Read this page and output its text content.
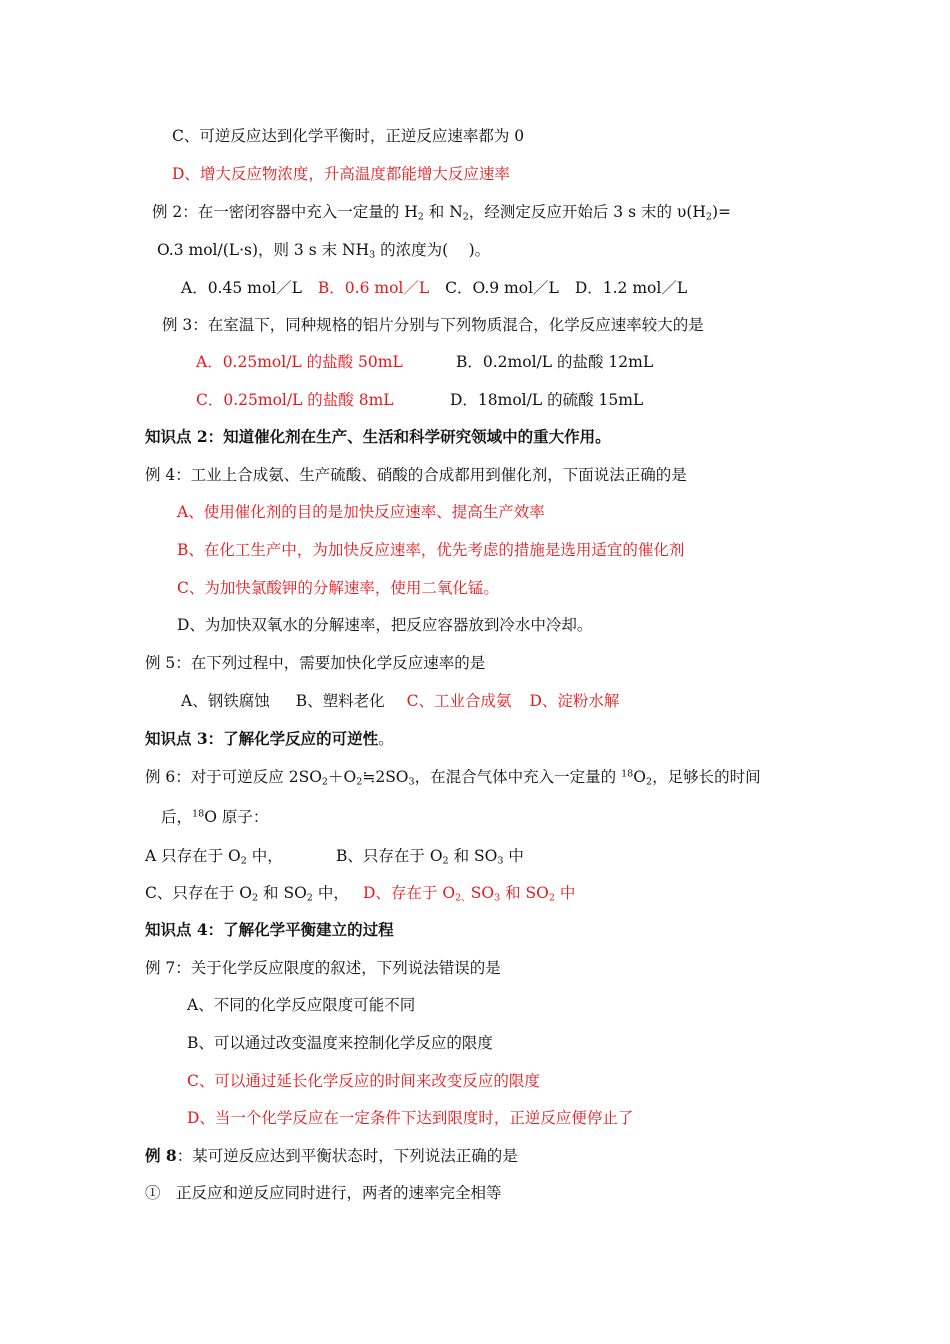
C、可逆反应达到化学平衡时，正逆反应速率都为 0
D、增大反应物浓度，升高温度都能增大反应速率
例 2：在一密闭容器中充入一定量的 $H_2$ 和 $N_2$，经测定反应开始后 3 s 末的 $\upsilon(H_2)=$
O.3 mol/(L·s)，则 3 s 末 $NH_3$ 的浓度为(　 )。
A．0.45 mol／L B．0.6 mol／L C．O.9 mol／L D．1.2 mol／L
例 3：在室温下，同种规格的铝片分别与下列物质混合，化学反应速率较大的是
A．0.25mol/L 的盐酸 50mL	B．0.2mol/L 的盐酸 12mL
C．0.25mol/L 的盐酸 8mL	D．18mol/L 的硫酸 15mL
知识点 2：知道催化剂在生产、生活和科学研究领域中的重大作用。
例 4：工业上合成氨、生产硫酸、硝酸的合成都用到催化剂，下面说法正确的是
A、使用催化剂的目的是加快反应速率、提高生产效率
B、在化工生产中，为加快反应速率，优先考虑的措施是选用适宜的催化剂
C、为加快氯酸钾的分解速率，使用二氧化锰。
D、为加快双氧水的分解速率，把反应容器放到冷水中冷却。
例 5：在下列过程中，需要加快化学反应速率的是
A、钢铁腐蚀 B、塑料老化 C、工业合成氨 D、淀粉水解
知识点 3：了解化学反应的可逆性。
例 6：对于可逆反应 $2SO_2+O_2≒2SO_3$，在混合气体中充入一定量的 $^{18}O_2$，足够长的时间
后，$^{18}$O 原子：
A 只存在于 $O_2$ 中，	B、只存在于 $O_2$ 和 $SO_3$ 中
C、只存在于 $O_2$ 和 $SO_2$ 中， D、存在于 $O_{2、}SO_3$ 和 $SO_2$ 中
知识点 4：了解化学平衡建立的过程
例 7：关于化学反应限度的叙述，下列说法错误的是
A、不同的化学反应限度可能不同
B、可以通过改变温度来控制化学反应的限度
C、可以通过延长化学反应的时间来改变反应的限度
D、当一个化学反应在一定条件下达到限度时，正逆反应便停止了
例 8：某可逆反应达到平衡状态时，下列说法正确的是
①　正反应和逆反应同时进行，两者的速率完全相等
